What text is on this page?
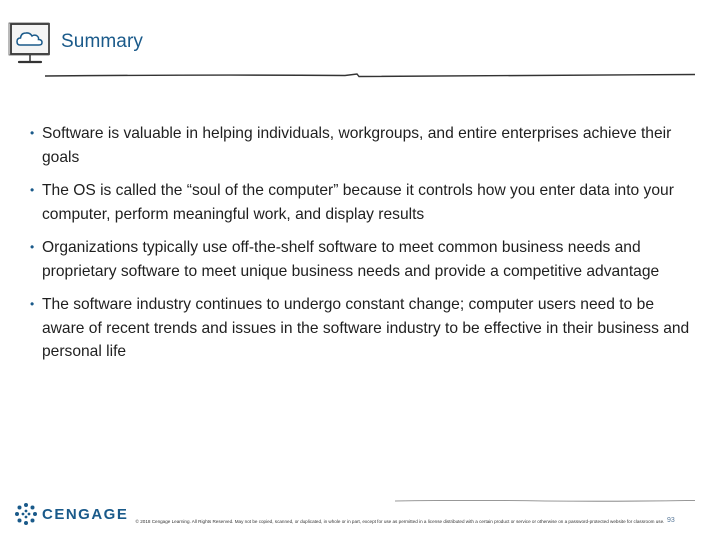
Summary
• Software is valuable in helping individuals, workgroups, and entire enterprises achieve their goals
• The OS is called the “soul of the computer” because it controls how you enter data into your computer, perform meaningful work, and display results
• Organizations typically use off-the-shelf software to meet common business needs and proprietary software to meet unique business needs and provide a competitive advantage
• The software industry continues to undergo constant change; computer users need to be aware of recent trends and issues in the software industry to be effective in their business and personal life
CENGAGE	© 2018 Cengage Learning. All Rights Reserved. May not be copied, scanned, or duplicated, in whole or in part, except for use as permitted in a license distributed with a certain product or service or otherwise on a password-protected website for classroom use. 93
